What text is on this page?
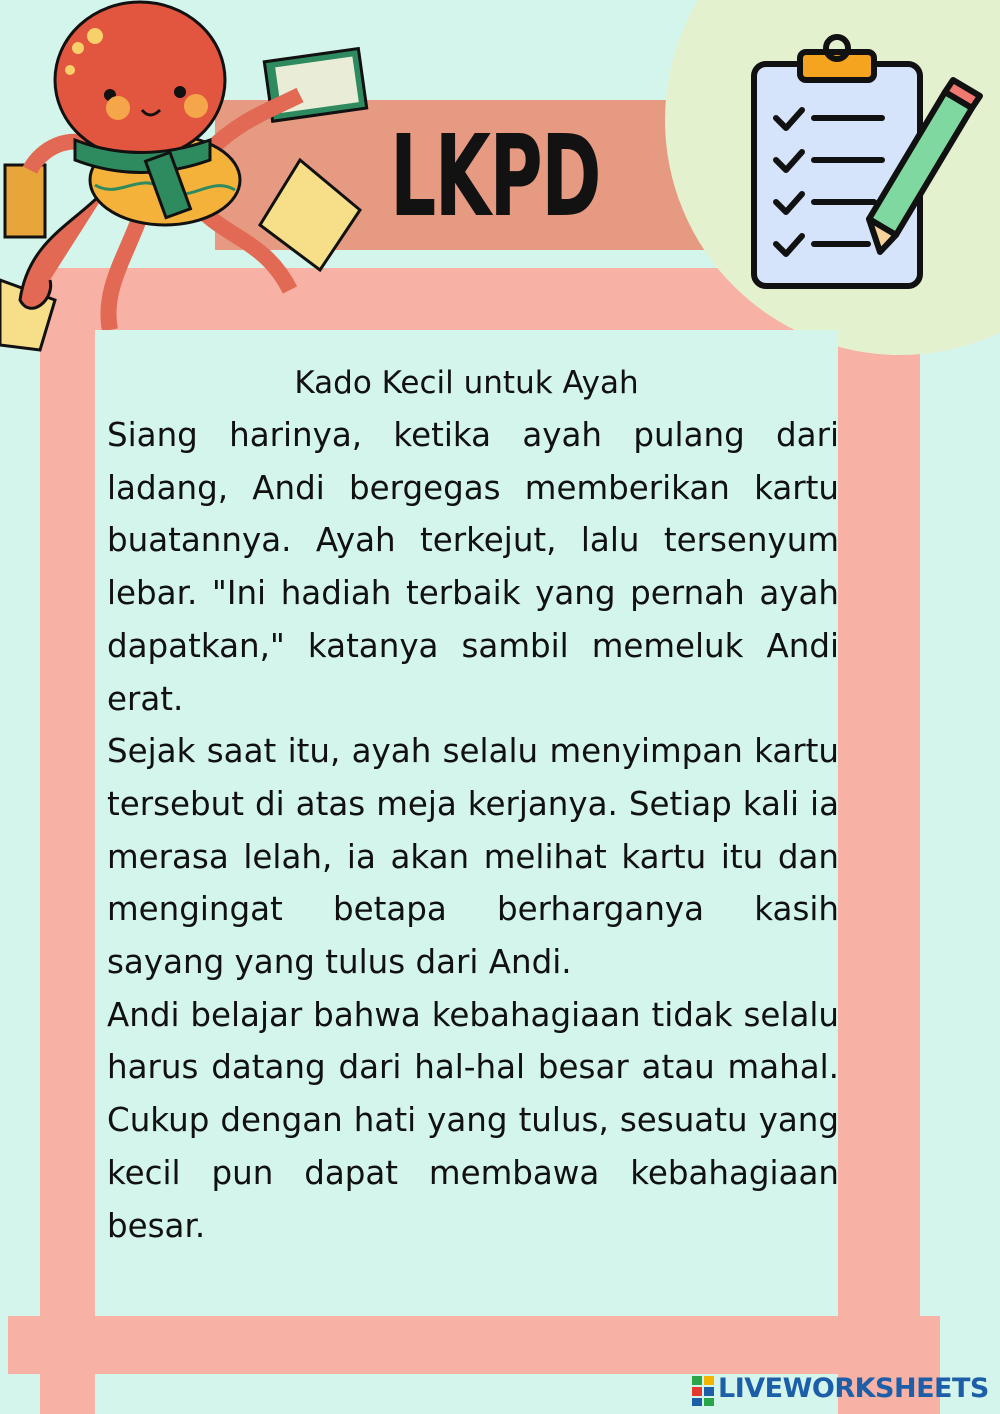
LKPD
Kado Kecil untuk Ayah

Siang harinya, ketika ayah pulang dari ladang, Andi bergegas memberikan kartu buatannya. Ayah terkejut, lalu tersenyum lebar. "Ini hadiah terbaik yang pernah ayah dapatkan," katanya sambil memeluk Andi erat.

Sejak saat itu, ayah selalu menyimpan kartu tersebut di atas meja kerjanya. Setiap kali ia merasa lelah, ia akan melihat kartu itu dan mengingat betapa berharganya kasih sayang yang tulus dari Andi.

Andi belajar bahwa kebahagiaan tidak selalu harus datang dari hal-hal besar atau mahal. Cukup dengan hati yang tulus, sesuatu yang kecil pun dapat membawa kebahagiaan besar.

LIVEWORKSHEETS
